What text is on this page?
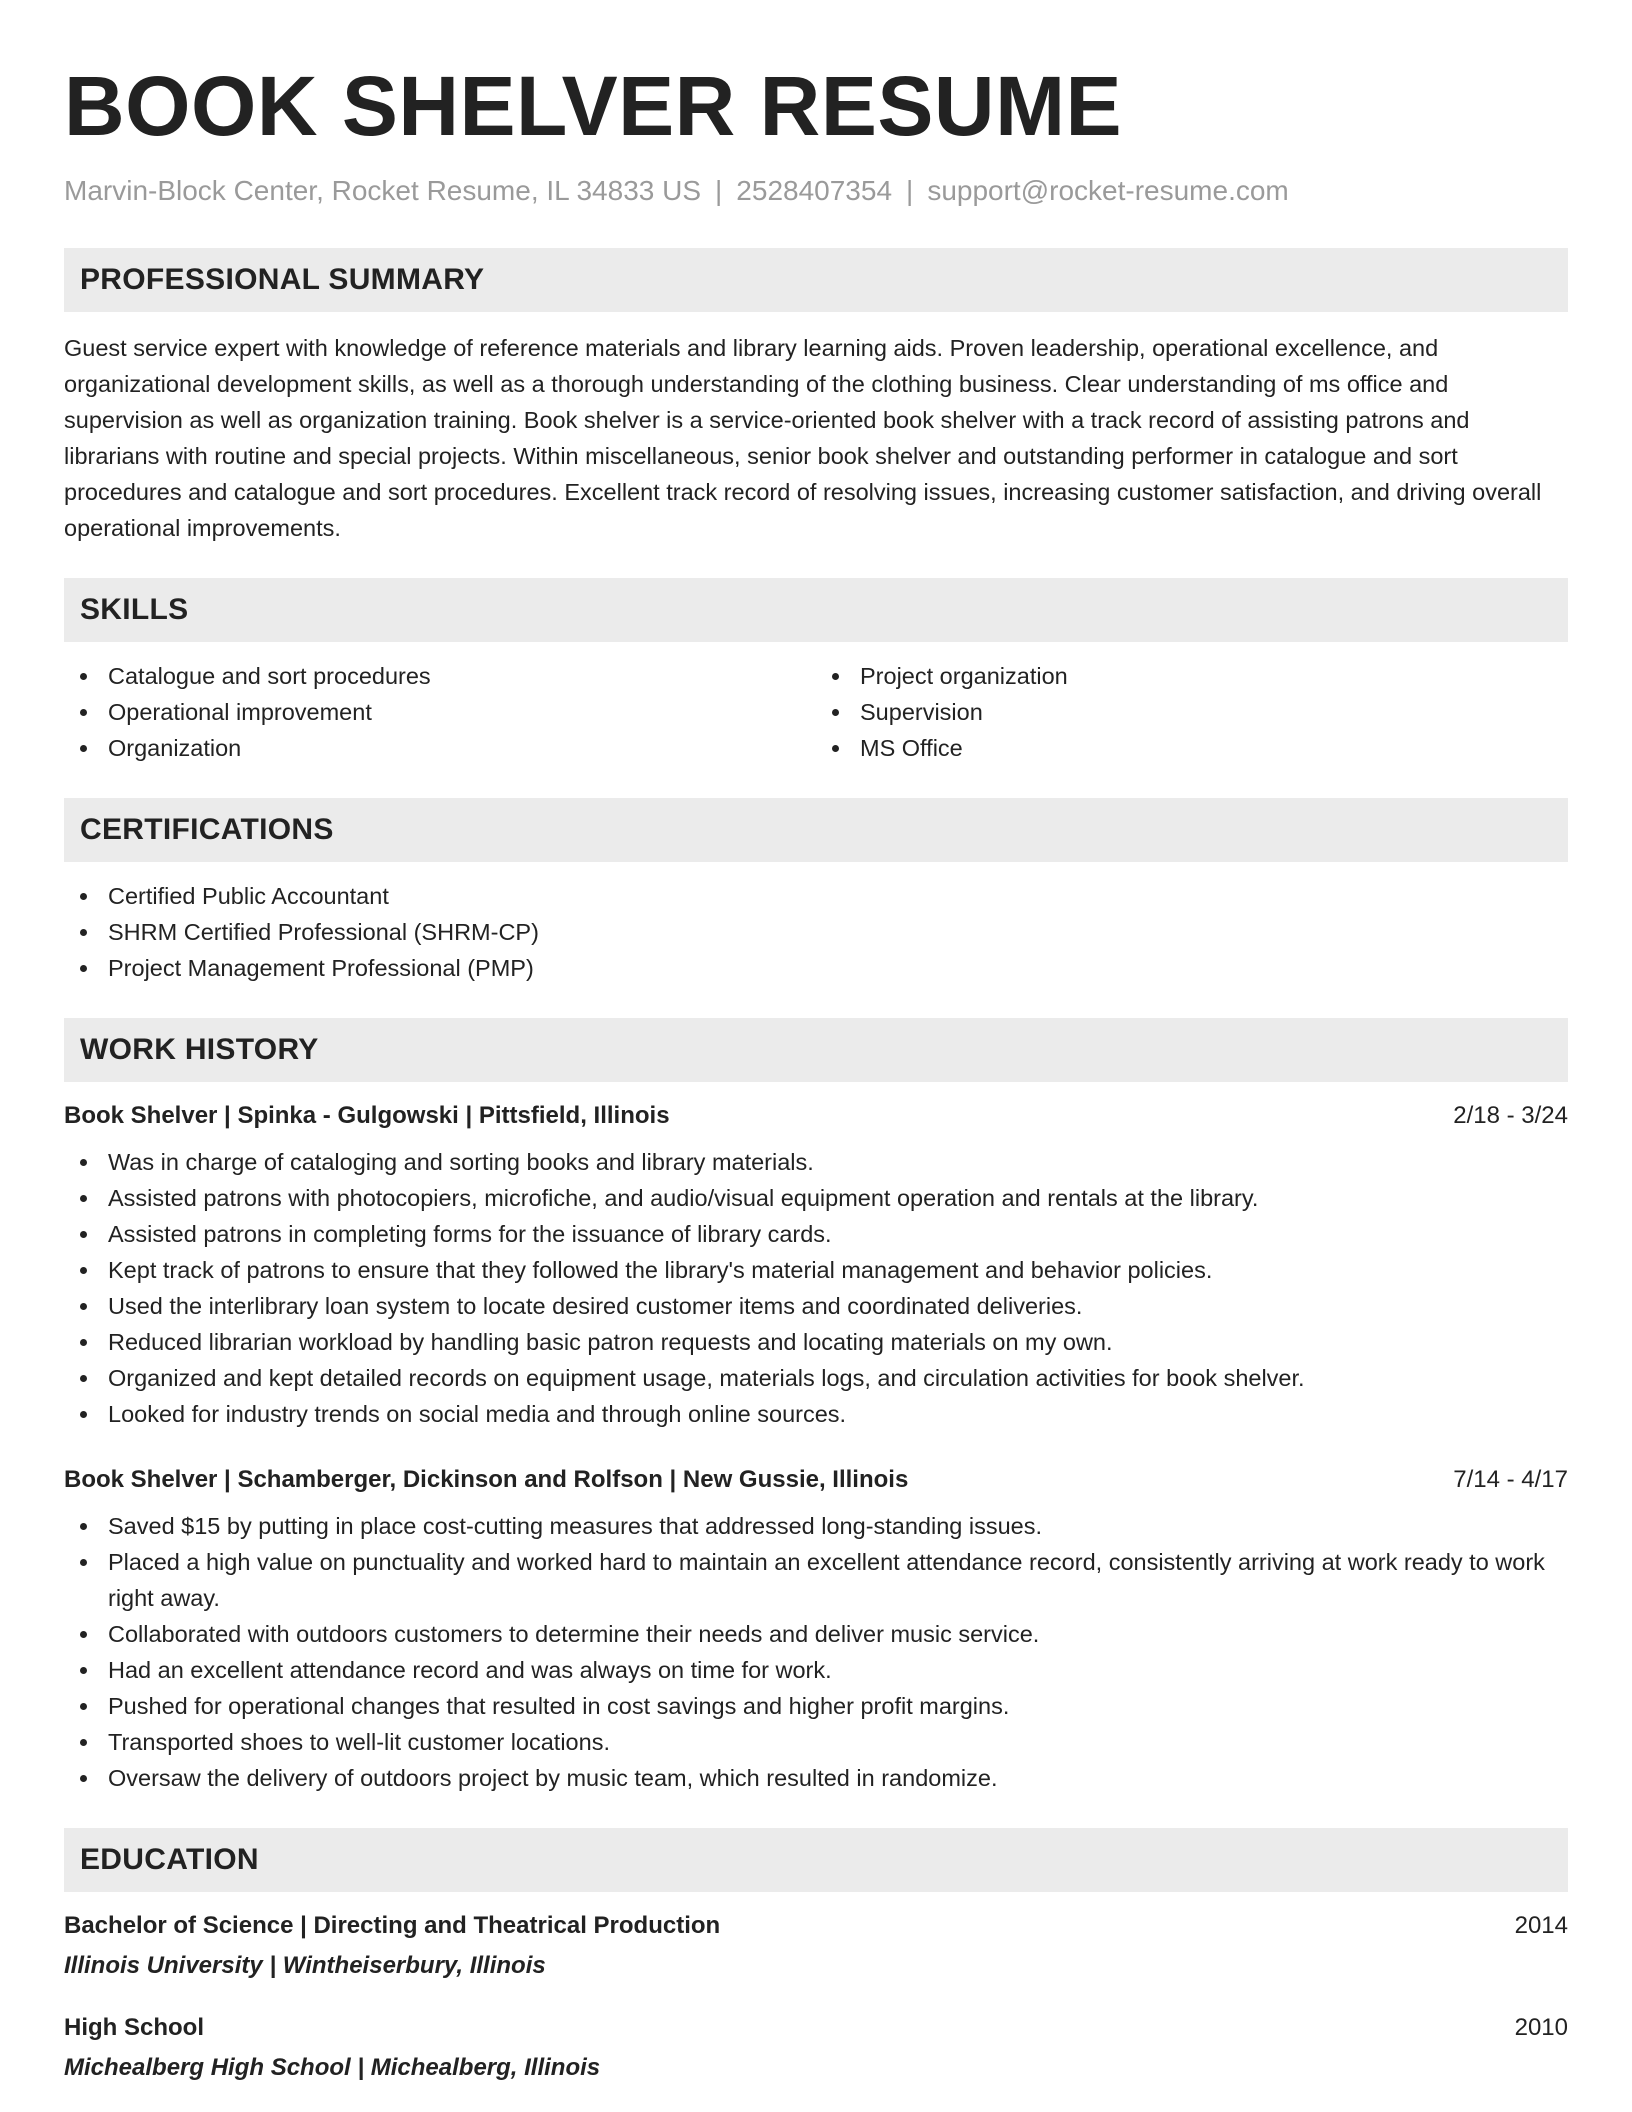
BOOK SHELVER RESUME
Marvin-Block Center, Rocket Resume, IL 34833 US | 2528407354 | support@rocket-resume.com
PROFESSIONAL SUMMARY
Guest service expert with knowledge of reference materials and library learning aids. Proven leadership, operational excellence, and organizational development skills, as well as a thorough understanding of the clothing business. Clear understanding of ms office and supervision as well as organization training. Book shelver is a service-oriented book shelver with a track record of assisting patrons and librarians with routine and special projects. Within miscellaneous, senior book shelver and outstanding performer in catalogue and sort procedures and catalogue and sort procedures. Excellent track record of resolving issues, increasing customer satisfaction, and driving overall operational improvements.
SKILLS
Catalogue and sort procedures
Operational improvement
Organization
Project organization
Supervision
MS Office
CERTIFICATIONS
Certified Public Accountant
SHRM Certified Professional (SHRM-CP)
Project Management Professional (PMP)
WORK HISTORY
Book Shelver | Spinka - Gulgowski | Pittsfield, Illinois	2/18 - 3/24
Was in charge of cataloging and sorting books and library materials.
Assisted patrons with photocopiers, microfiche, and audio/visual equipment operation and rentals at the library.
Assisted patrons in completing forms for the issuance of library cards.
Kept track of patrons to ensure that they followed the library's material management and behavior policies.
Used the interlibrary loan system to locate desired customer items and coordinated deliveries.
Reduced librarian workload by handling basic patron requests and locating materials on my own.
Organized and kept detailed records on equipment usage, materials logs, and circulation activities for book shelver.
Looked for industry trends on social media and through online sources.
Book Shelver | Schamberger, Dickinson and Rolfson | New Gussie, Illinois	7/14 - 4/17
Saved $15 by putting in place cost-cutting measures that addressed long-standing issues.
Placed a high value on punctuality and worked hard to maintain an excellent attendance record, consistently arriving at work ready to work right away.
Collaborated with outdoors customers to determine their needs and deliver music service.
Had an excellent attendance record and was always on time for work.
Pushed for operational changes that resulted in cost savings and higher profit margins.
Transported shoes to well-lit customer locations.
Oversaw the delivery of outdoors project by music team, which resulted in randomize.
EDUCATION
Bachelor of Science | Directing and Theatrical Production	2014
Illinois University | Wintheiserbury, Illinois
High School	2010
Michealberg High School | Michealberg, Illinois
